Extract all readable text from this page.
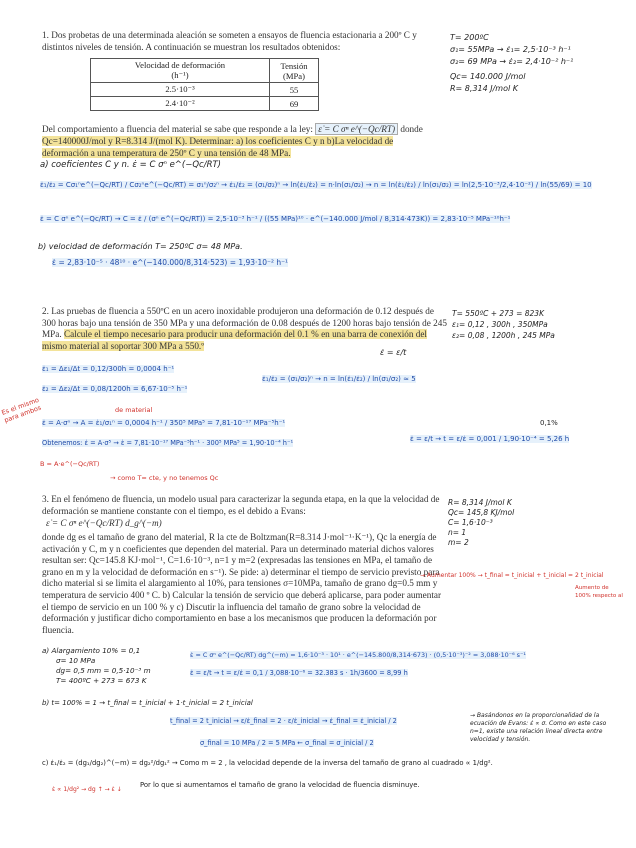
1. Dos probetas de una determinada aleación se someten a ensayos de fluencia estacionaria a 200º C y distintos niveles de tensión. A continuación se muestran los resultados obtenidos:
Velocidad de deformación
(h⁻¹)	Tensión
(MPa)
2.5·10⁻³	55
2.4·10⁻²	69
Del comportamiento a fluencia del material se sabe que responde a la ley: ε̇ = C σⁿ e^(−Qc/RT) donde
Qc=140000J/mol y R=8.314 J/(mol K). Determinar: a) los coeficientes C y n b)La velocidad de deformación a una temperatura de 250º C y una tensión de 48 MPa.
T= 200ºC
σ₁= 55MPa → ε̇₁= 2,5·10⁻³ h⁻¹
σ₂= 69 MPa → ε̇₂= 2,4·10⁻² h⁻¹
Qc= 140.000 J/mol
R= 8,314 J/mol K
a) coeficientes C y n. ε̇ = C σⁿ e^(−Qc/RT)
ε̇₁/ε̇₂ = Cσ₁ⁿe^(−Qc/RT) / Cσ₂ⁿe^(−Qc/RT) = σ₁ⁿ/σ₂ⁿ → ε̇₁/ε̇₂ = (σ₁/σ₂)ⁿ → ln(ε̇₁/ε̇₂) = n·ln(σ₁/σ₂) → n = ln(ε̇₁/ε̇₂) / ln(σ₁/σ₂) = ln(2,5·10⁻³/2,4·10⁻²) / ln(55/69) = 10
ε̇ = C σⁿ e^(−Qc/RT) → C = ε̇ / (σⁿ e^(−Qc/RT)) = 2,5·10⁻³ h⁻¹ / ((55 MPa)¹⁰ · e^(−140.000 J/mol / 8,314·473K)) = 2,83·10⁻⁵ MPa⁻¹⁰h⁻¹
b) velocidad de deformación T= 250ºC σ= 48 MPa.
ε̇ = 2,83·10⁻⁵ · 48¹⁰ · e^(−140.000/8,314·523) = 1,93·10⁻² h⁻¹
2. Las pruebas de fluencia a 550ºC en un acero inoxidable produjeron una deformación de 0.12 después de 300 horas bajo una tensión de 350 MPa y una deformación de 0.08 después de 1200 horas bajo tensión de 245 MPa. Calcule el tiempo necesario para producir una deformación del 0.1 % en una barra de conexión del mismo material al soportar 300 MPa a 550.º
T= 550ºC + 273 = 823K
ε₁= 0,12 , 300h , 350MPa
ε₂= 0,08 , 1200h , 245 MPa
ε̇ = ε/t
ε̇₁ = Δε₁/Δt = 0,12/300h = 0,0004 h⁻¹
ε̇₂ = Δε₂/Δt = 0,08/1200h = 6,67·10⁻⁵ h⁻¹
ε̇₁/ε̇₂ = (σ₁/σ₂)ⁿ → n = ln(ε̇₁/ε̇₂) / ln(σ₁/σ₂) ≈ 5
Es el mismo para ambos	de material
ε̇ = A·σⁿ → A = ε̇₁/σ₁ⁿ = 0,0004 h⁻¹ / 350⁵ MPa⁵ = 7,81·10⁻¹⁷ MPa⁻⁵h⁻¹
Obtenemos: ε̇ = A·σ⁵ → ε̇ = 7,81·10⁻¹⁷ MPa⁻⁵h⁻¹ · 300⁵ MPa⁵ = 1,90·10⁻⁴ h⁻¹	ε̇ = ε/t → t = ε/ε̇ = 0,001 / 1,90·10⁻⁴ = 5,26 h
0,1%
B = A·e^(−Qc/RT)
→ como T= cte, y no tenemos Qc
3. En el fenómeno de fluencia, un modelo usual para caracterizar la segunda etapa, en la que la velocidad de deformación se mantiene constante con el tiempo, es el debido a Evans:
ε̇ = C σⁿ e^(−Qc/RT) d_g^(−m)
donde dg es el tamaño de grano del material, R la cte de Boltzman(R=8.314 J·mol⁻¹·K⁻¹), Qc la energía de activación y C, m y n coeficientes que dependen del material. Para un determinado material dichos valores resultan ser: Qc=145.8 KJ·mol⁻¹, C=1.6·10⁻³, n=1 y m=2 (expresadas las tensiones en MPa, el tamaño de grano en m y la velocidad de deformación en s⁻¹). Se pide: a) determinar el tiempo de servicio previsto para dicho material si se limita el alargamiento al 10%, para tensiones σ=10MPa, tamaño de grano dg=0.5 mm y temperatura de servicio 400 º C. b) Calcular la tensión de servicio que deberá aplicarse, para poder aumentar el tiempo de servicio en un 100 % y c) Discutir la influencia del tamaño de grano sobre la velocidad de deformación y justificar dicho comportamiento en base a los mecanismos que producen la deformación por fluencia.
R= 8,314 J/mol K
Qc= 145,8 KJ/mol
C= 1,6·10⁻³
n= 1
m= 2
→ Aumentar 100% → t_final = t_inicial + t_inicial = 2 t_inicial
Aumento de 100% respecto al
a) Alargamiento 10% = 0,1
σ= 10 MPa
dg= 0,5 mm = 0,5·10⁻³ m
T= 400ºC + 273 = 673 K
ε̇ = C σⁿ e^(−Qc/RT) dg^(−m) = 1,6·10⁻³ · 10¹ · e^(−145.800/8,314·673) · (0,5·10⁻³)⁻² = 3,088·10⁻⁶ s⁻¹
ε̇ = ε/t → t = ε/ε̇ = 0,1 / 3,088·10⁻⁶ = 32.383 s · 1h/3600 = 8,99 h
b) t= 100% = 1 → t_final = t_inicial + 1·t_inicial = 2 t_inicial
t_final = 2 t_inicial → ε/ε̇_final = 2 · ε/ε̇_inicial → ε̇_final = ε̇_inicial / 2
σ_final = 10 MPa / 2 = 5 MPa ← σ_final = σ_inicial / 2
→ Basándonos en la proporcionalidad de la ecuación de Evans: ε̇ ∝ σ. Como en este caso n=1, existe una relación lineal directa entre velocidad y tensión.
c) ε̇₁/ε̇₂ = (dg₁/dg₂)^(−m) = dg₂²/dg₁² → Como m = 2 , la velocidad depende de la inversa del tamaño de grano al cuadrado ∝ 1/dg².
Por lo que si aumentamos el tamaño de grano la velocidad de fluencia disminuye.
ε̇ ∝ 1/dg² → dg ↑ → ε̇ ↓
